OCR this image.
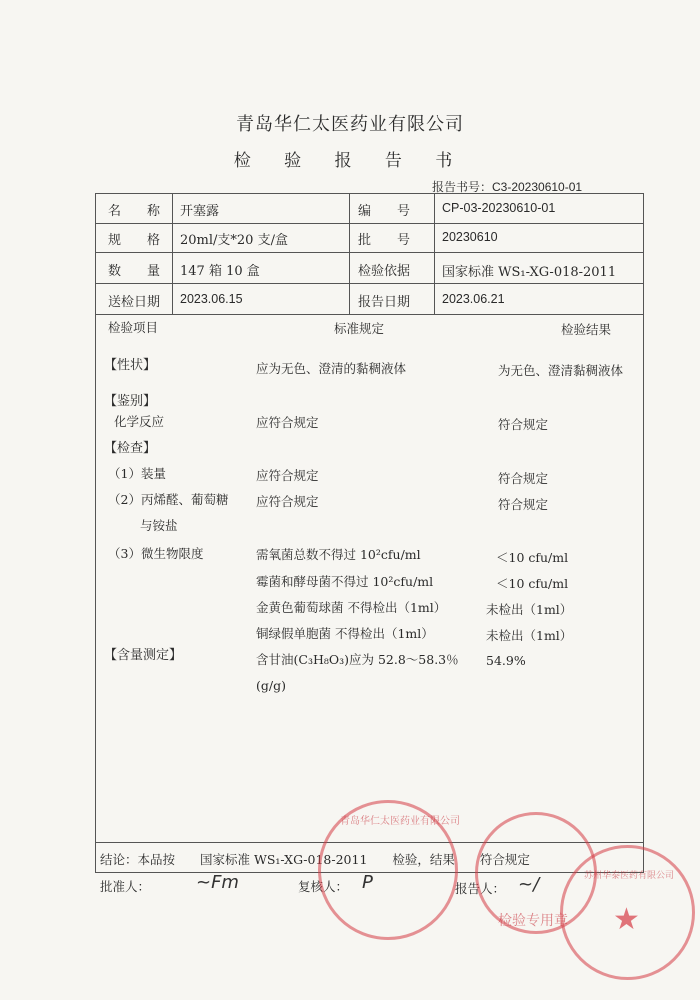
青岛华仁太医药业有限公司
检 验 报 告 书
报告书号：C3-20230610-01
名　　称 开塞露	编　　号	CP-03-20230610-01
规　　格 20ml/支*20 支/盒	批　　号	20230610
数　　量 147 箱 10 盒	检验依据 国家标准 WS₁-XG-018-2011
送检日期 2023.06.15	报告日期	2023.06.21
检验项目	标准规定	检验结果
【性状】	应为无色、澄清的黏稠液体	为无色、澄清黏稠液体
【鉴别】
化学反应	应符合规定	符合规定
【检查】
（1）装量	应符合规定	符合规定
（2）丙烯醛、葡萄糖 应符合规定	符合规定
与铵盐
（3）微生物限度	需氧菌总数不得过 10²cfu/ml	＜10 cfu/ml
霉菌和酵母菌不得过 10²cfu/ml	＜10 cfu/ml
金黄色葡萄球菌 不得检出（1ml）	未检出（1ml）
铜绿假单胞菌 不得检出（1ml）	未检出（1ml）
【含量测定】	含甘油(C₃H₈O₃)应为 52.8～58.3％ 54.9%
(g/g)
结论：本品按　　国家标准 WS₁-XG-018-2011　　检验，结果　　符合规定
批准人：	~Fm	复核人： P	报告人： ~/
青岛华仁太医药业有限公司
检验专用章
苏州华泰医药有限公司
★
